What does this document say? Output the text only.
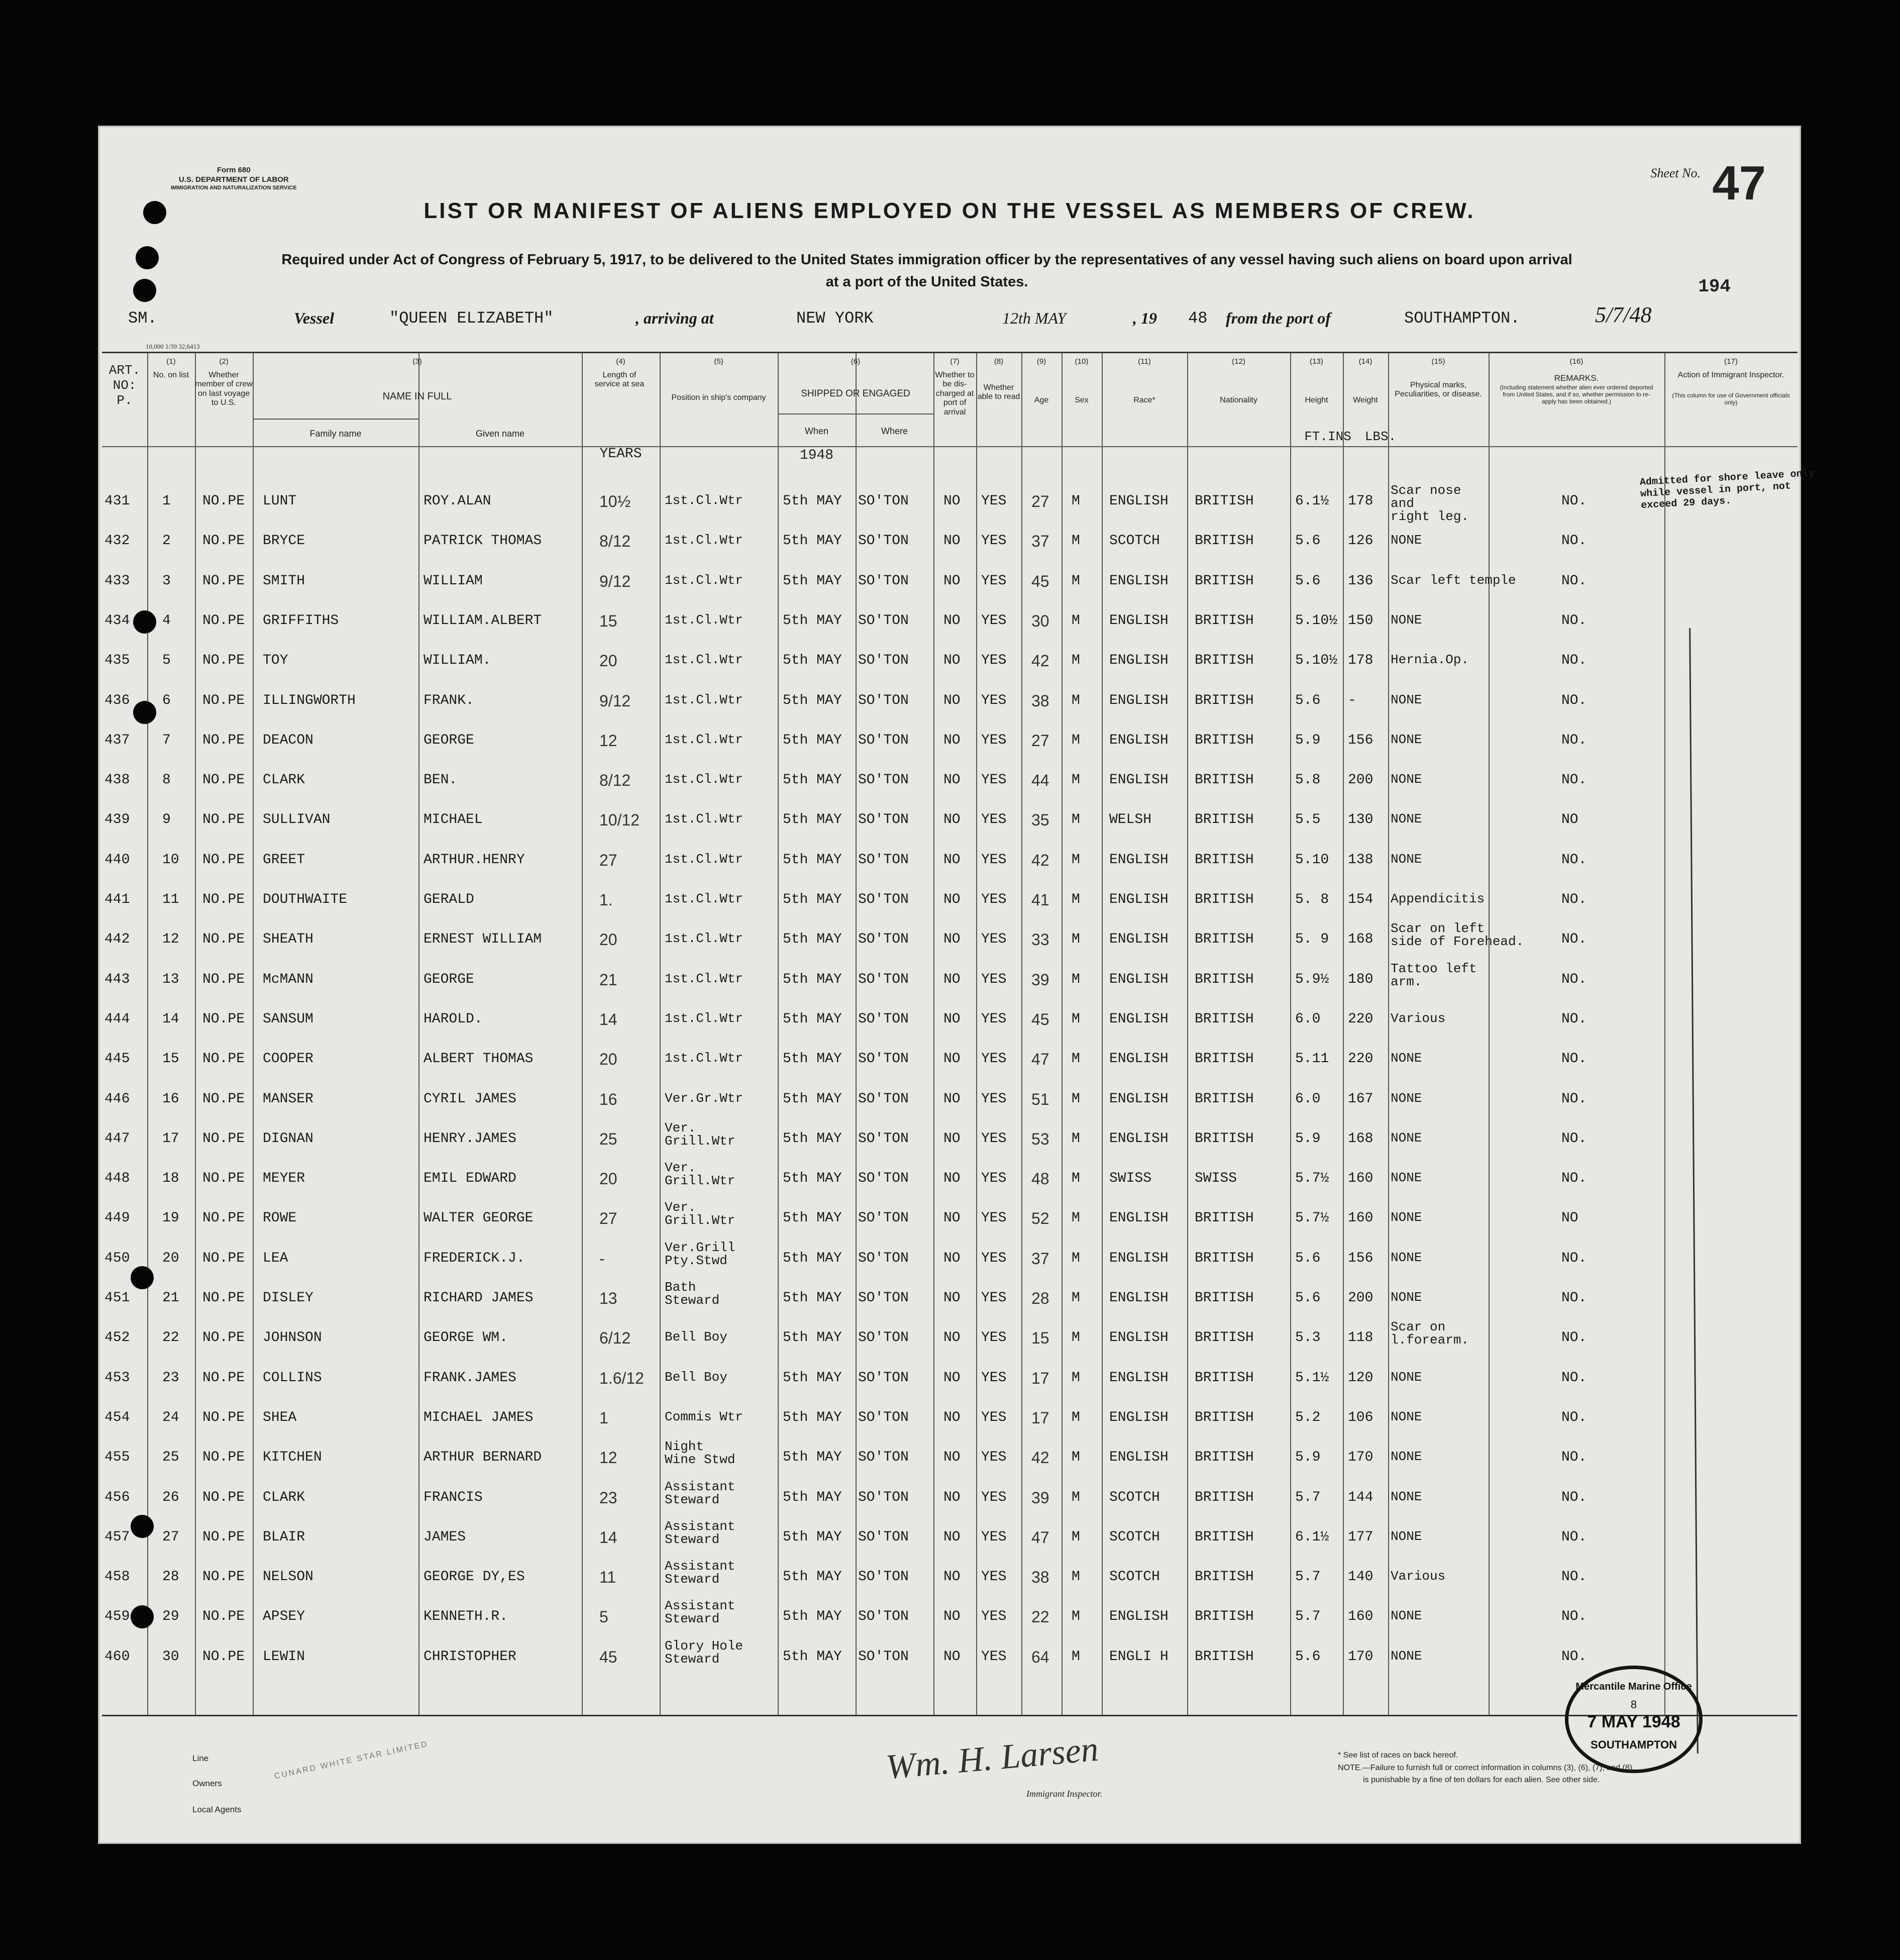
Form 680
U.S. DEPARTMENT OF LABOR
IMMIGRATION AND NATURALIZATION SERVICE
Sheet No. 47
LIST OR MANIFEST OF ALIENS EMPLOYED ON THE VESSEL AS MEMBERS OF CREW.
Required under Act of Congress of February 5, 1917, to be delivered to the United States immigration officer by the representatives of any vessel having such aliens on board upon arrival at a port of the United States.	194
SM.	Vessel	"QUEEN ELIZABETH"	, arriving at	NEW YORK	12th MAY	, 19 48 from the port of	SOUTHAMPTON.	5/7/48
10,000 1/39 32,6413
ART. NO: P.
(1)
No. on list
(2)
Whether member of crew on last voyage to U.S.
(3)
NAME IN FULL
Family name	Given name
(4)
Length of service at sea
YEARS
(5)
Position in ship's company
(6)
SHIPPED OR ENGAGED
When	Where
1948
(7)
Whether to be dis-charged at port of arrival
(8)
Whether able to read
(9)
Age
(10)
Sex
(11)
Race*
(12)
Nationality
(13)
Height
FT.INS
(14)
Weight
LBS.
(15)
Physical marks, Peculiarities, or disease.
(16)
REMARKS.
(Including statement whether alien ever ordered deported from United States, and if so, whether permission to re-apply has been obtained.)
(17)
Action of Immigrant Inspector.
(This column for use of Government officials only)
431 1 NO.PE LUNT	ROY.ALAN	10½	1st.Cl.Wtr	5th MAY SO'TON NO YES 27 M ENGLISH BRITISH	6.1½ 178
Scar nose
and
right leg.
NO.
432 2 NO.PE BRYCE	PATRICK THOMAS	8/12	1st.Cl.Wtr	5th MAY SO'TON NO YES 37 M SCOTCH BRITISH	5.6 126 NONE	NO.
433 3 NO.PE SMITH	WILLIAM	9/12	1st.Cl.Wtr	5th MAY SO'TON NO YES 45 M ENGLISH BRITISH	5.6 136 Scar left temple	NO.
434 4 NO.PE GRIFFITHS	WILLIAM.ALBERT	15	1st.Cl.Wtr	5th MAY SO'TON NO YES 30 M ENGLISH BRITISH	5.10½ 150 NONE	NO.
435 5 NO.PE TOY	WILLIAM.	20	1st.Cl.Wtr	5th MAY SO'TON NO YES 42 M ENGLISH BRITISH	5.10½ 178 Hernia.Op.	NO.
436 6 NO.PE ILLINGWORTH	FRANK.	9/12	1st.Cl.Wtr	5th MAY SO'TON NO YES 38 M ENGLISH BRITISH	5.6 -	NONE	NO.
437 7 NO.PE DEACON	GEORGE	12	1st.Cl.Wtr	5th MAY SO'TON NO YES 27 M ENGLISH BRITISH	5.9 156 NONE	NO.
438 8 NO.PE CLARK	BEN.	8/12	1st.Cl.Wtr	5th MAY SO'TON NO YES 44 M ENGLISH BRITISH	5.8 200 NONE	NO.
439 9 NO.PE SULLIVAN	MICHAEL	10/12 1st.Cl.Wtr	5th MAY SO'TON NO YES 35 M WELSH	BRITISH	5.5 130 NONE	NO
440 10 NO.PE GREET	ARTHUR.HENRY	27	1st.Cl.Wtr	5th MAY SO'TON NO YES 42 M ENGLISH BRITISH	5.10 138 NONE	NO.
441 11 NO.PE DOUTHWAITE	GERALD	1.	1st.Cl.Wtr	5th MAY SO'TON NO YES 41 M ENGLISH BRITISH	5. 8 154 Appendicitis	NO.
442 12 NO.PE SHEATH	ERNEST WILLIAM	20	1st.Cl.Wtr	5th MAY SO'TON NO YES 33 M ENGLISH BRITISH	5. 9 168
Scar on left
side of Forehead.	NO.
443 13 NO.PE McMANN	GEORGE	21	1st.Cl.Wtr	5th MAY SO'TON NO YES 39 M ENGLISH BRITISH	5.9½ 180
Tattoo left
arm.	NO.
444 14 NO.PE SANSUM	HAROLD.	14	1st.Cl.Wtr	5th MAY SO'TON NO YES 45 M ENGLISH BRITISH	6.0 220 Various	NO.
445 15 NO.PE COOPER	ALBERT THOMAS	20	1st.Cl.Wtr	5th MAY SO'TON NO YES 47 M ENGLISH BRITISH	5.11 220 NONE	NO.
446 16 NO.PE MANSER	CYRIL JAMES	16	Ver.Gr.Wtr	5th MAY SO'TON NO YES 51 M ENGLISH BRITISH	6.0 167 NONE	NO.
447 17 NO.PE DIGNAN	HENRY.JAMES	25
Ver.
Grill.Wtr	5th MAY SO'TON NO YES 53 M ENGLISH BRITISH	5.9 168 NONE	NO.
448 18 NO.PE MEYER	EMIL EDWARD	20
Ver.
Grill.Wtr	5th MAY SO'TON NO YES 48 M SWISS	SWISS	5.7½ 160 NONE	NO.
449 19 NO.PE ROWE	WALTER GEORGE	27
Ver.
Grill.Wtr	5th MAY SO'TON NO YES 52 M ENGLISH BRITISH	5.7½ 160 NONE	NO
450 20 NO.PE LEA	FREDERICK.J.	-
Ver.Grill
Pty.Stwd	5th MAY SO'TON NO YES 37 M ENGLISH BRITISH	5.6 156 NONE	NO.
451 21 NO.PE DISLEY	RICHARD JAMES	13
Bath
Steward	5th MAY SO'TON NO YES 28 M ENGLISH BRITISH	5.6 200 NONE	NO.
452 22 NO.PE JOHNSON	GEORGE WM.	6/12	Bell Boy	5th MAY SO'TON NO YES 15 M ENGLISH BRITISH	5.3 118
Scar on
l.forearm.	NO.
453 23 NO.PE COLLINS	FRANK.JAMES	1.6/12 Bell Boy	5th MAY SO'TON NO YES 17 M ENGLISH BRITISH	5.1½ 120 NONE	NO.
454 24 NO.PE SHEA	MICHAEL JAMES	1	Commis Wtr	5th MAY SO'TON NO YES 17 M ENGLISH BRITISH	5.2 106 NONE	NO.
455 25 NO.PE KITCHEN	ARTHUR BERNARD	12
Night
Wine Stwd	5th MAY SO'TON NO YES 42 M ENGLISH BRITISH	5.9 170 NONE	NO.
456 26 NO.PE CLARK	FRANCIS	23
Assistant
Steward	5th MAY SO'TON NO YES 39 M SCOTCH BRITISH	5.7 144 NONE	NO.
457 27 NO.PE BLAIR	JAMES	14
Assistant
Steward	5th MAY SO'TON NO YES 47 M SCOTCH BRITISH	6.1½ 177 NONE	NO.
458 28 NO.PE NELSON	GEORGE DY,ES	11
Assistant
Steward	5th MAY SO'TON NO YES 38 M SCOTCH BRITISH	5.7 140 Various	NO.
459 29 NO.PE APSEY	KENNETH.R.	5
Assistant
Steward	5th MAY SO'TON NO YES 22 M ENGLISH BRITISH	5.7 160 NONE	NO.
460 30 NO.PE LEWIN	CHRISTOPHER	45
Glory Hole
Steward	5th MAY SO'TON NO YES 64 M ENGLI H BRITISH	5.6 170 NONE	NO.
Admitted for shore leave only
while vessel in port, not
exceed 29 days.
Line
Owners
Local Agents
CUNARD WHITE STAR LIMITED	Wm. H. Larsen
Immigrant Inspector.
* See list of races on back hereof.
NOTE.—Failure to furnish full or correct information in columns (3), (6), (7), and (8),
is punishable by a fine of ten dollars for each alien. See other side.
Mercantile Marine Office
8
7 MAY 1948
SOUTHAMPTON
